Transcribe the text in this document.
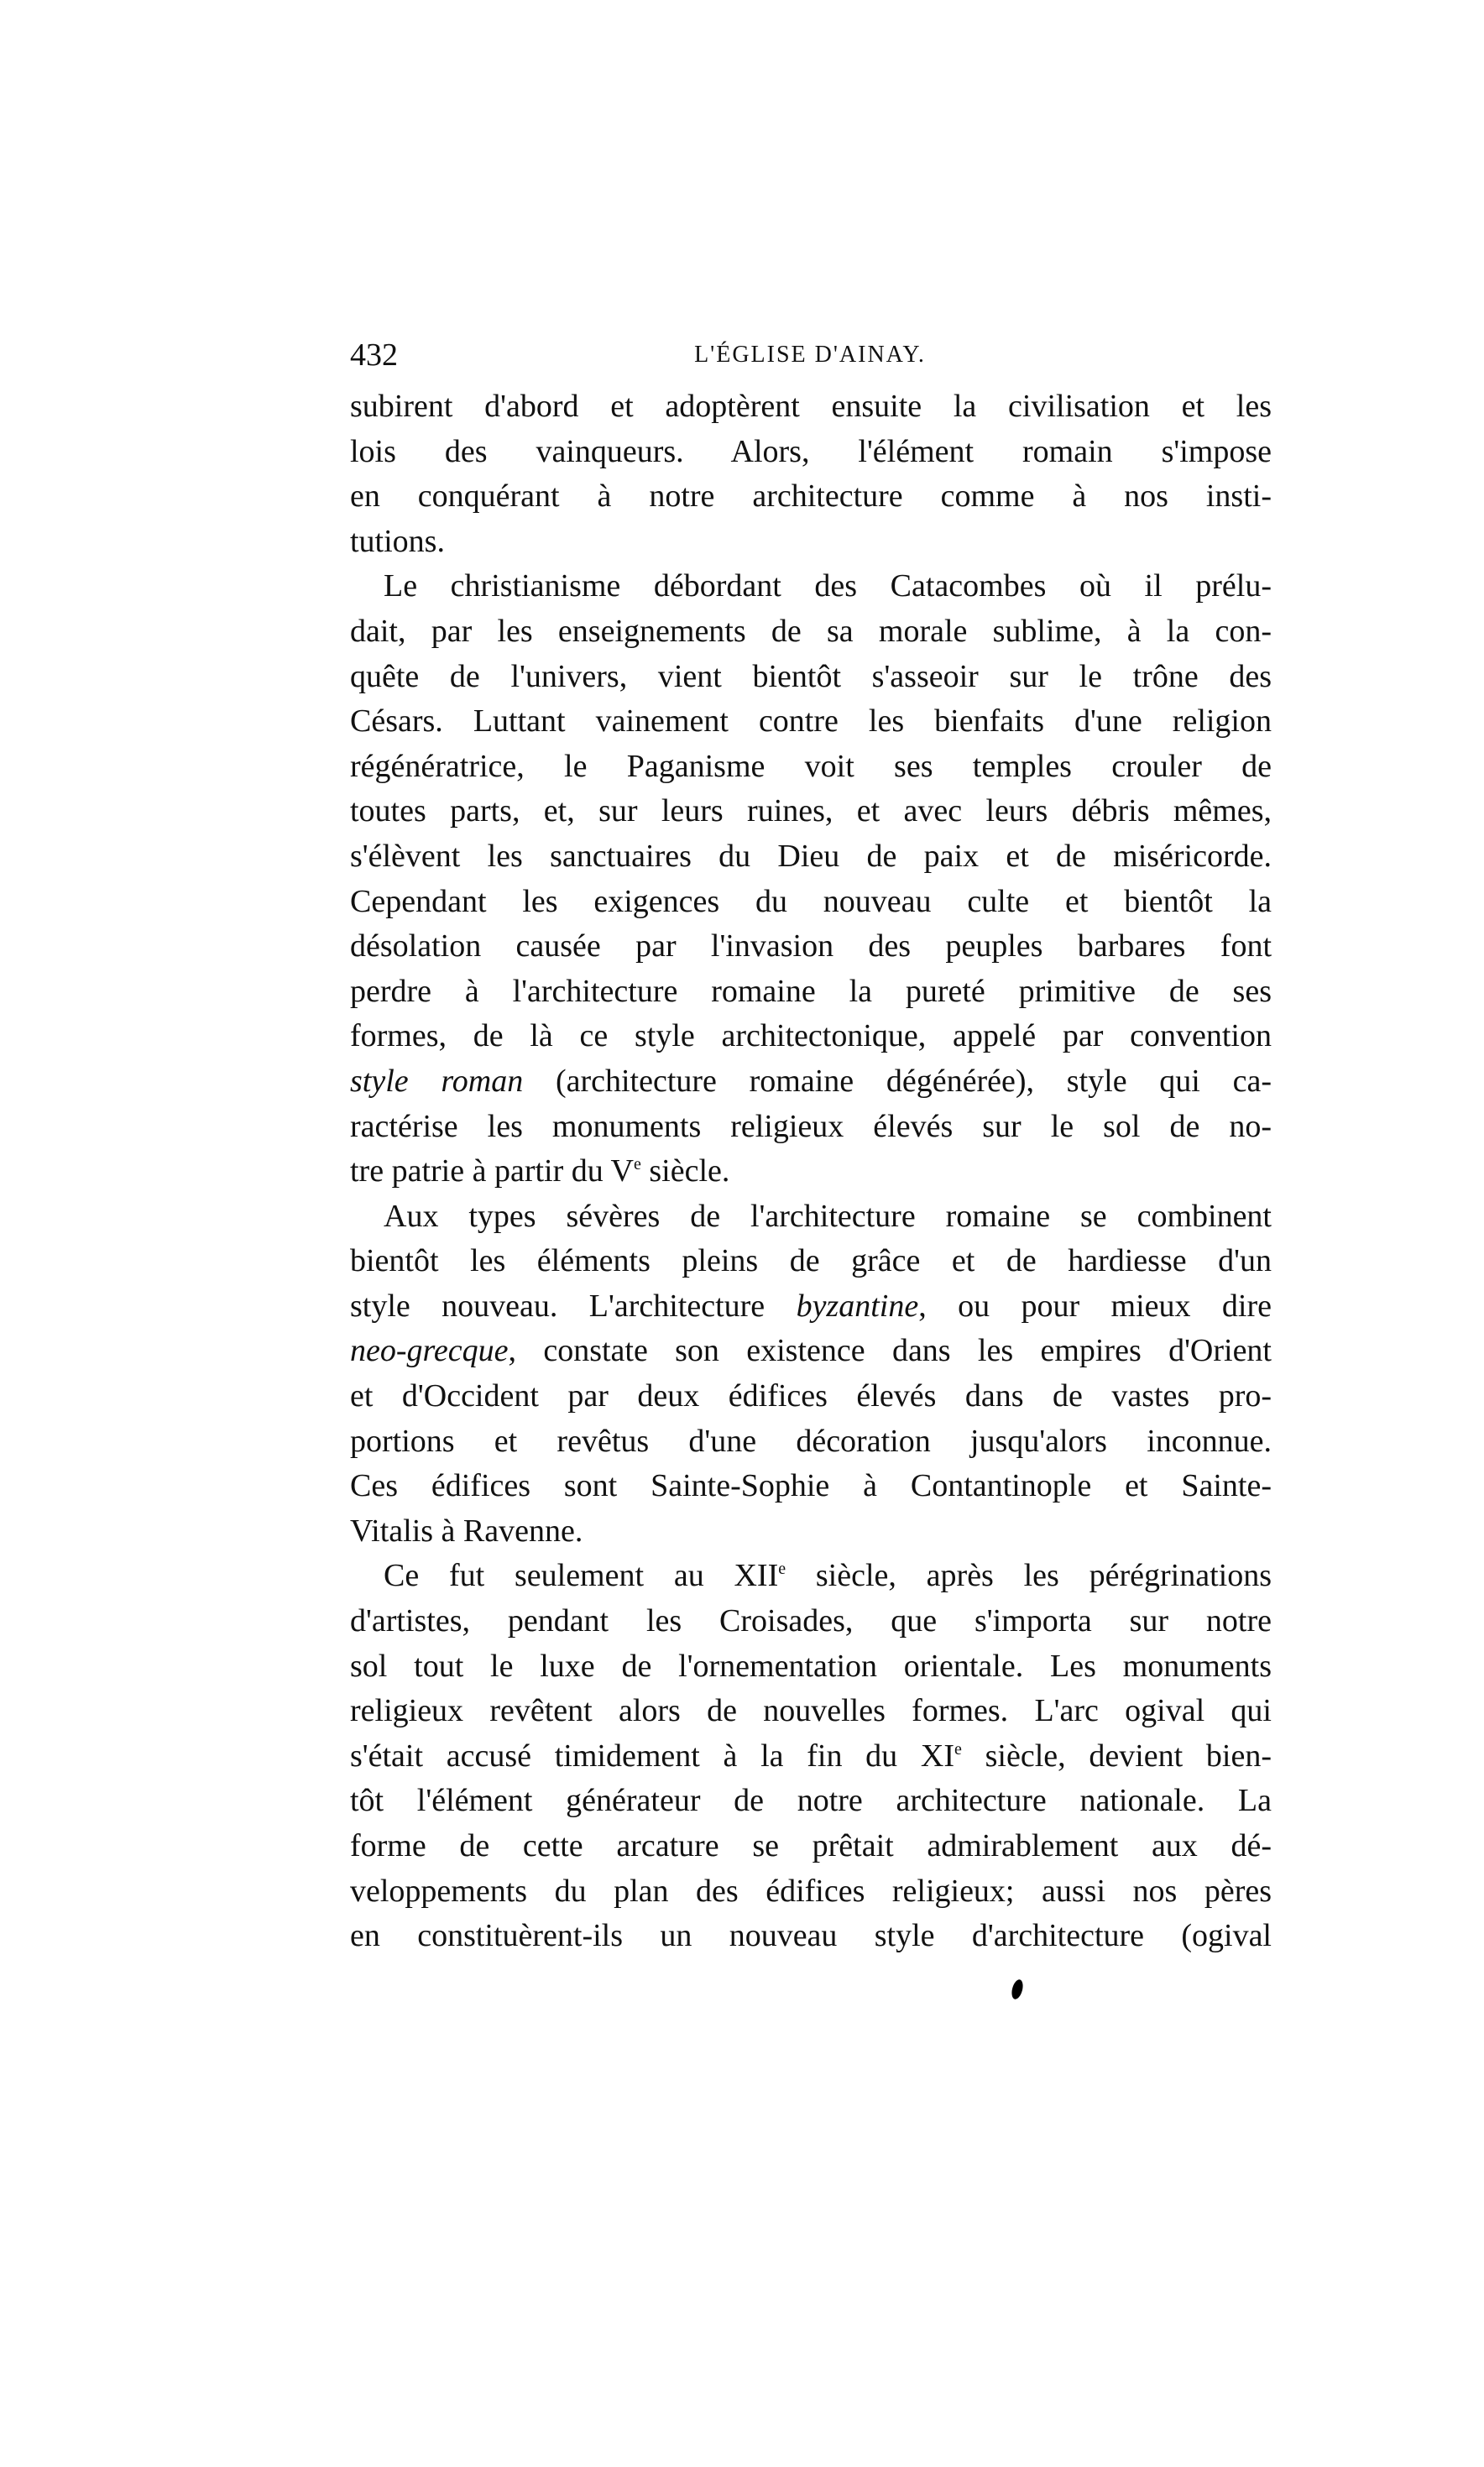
432	L'ÉGLISE D'AINAY.
subirent d'abord et adoptèrent ensuite la civilisation et les
lois des vainqueurs. Alors, l'élément romain s'impose
en conquérant à notre architecture comme à nos insti-
tutions.
Le christianisme débordant des Catacombes où il prélu-
dait, par les enseignements de sa morale sublime, à la con-
quête de l'univers, vient bientôt s'asseoir sur le trône des
Césars. Luttant vainement contre les bienfaits d'une religion
régénératrice, le Paganisme voit ses temples crouler de
toutes parts, et, sur leurs ruines, et avec leurs débris mêmes,
s'élèvent les sanctuaires du Dieu de paix et de miséricorde.
Cependant les exigences du nouveau culte et bientôt la
désolation causée par l'invasion des peuples barbares font
perdre à l'architecture romaine la pureté primitive de ses
formes, de là ce style architectonique, appelé par convention
style roman (architecture romaine dégénérée), style qui ca-
ractérise les monuments religieux élevés sur le sol de no-
tre patrie à partir du Ve siècle.
Aux types sévères de l'architecture romaine se combinent
bientôt les éléments pleins de grâce et de hardiesse d'un
style nouveau. L'architecture byzantine, ou pour mieux dire
neo-grecque, constate son existence dans les empires d'Orient
et d'Occident par deux édifices élevés dans de vastes pro-
portions et revêtus d'une décoration jusqu'alors inconnue.
Ces édifices sont Sainte-Sophie à Contantinople et Sainte-
Vitalis à Ravenne.
Ce fut seulement au XIIe siècle, après les pérégrinations
d'artistes, pendant les Croisades, que s'importa sur notre
sol tout le luxe de l'ornementation orientale. Les monuments
religieux revêtent alors de nouvelles formes. L'arc ogival qui
s'était accusé timidement à la fin du XIe siècle, devient bien-
tôt l'élément générateur de notre architecture nationale. La
forme de cette arcature se prêtait admirablement aux dé-
veloppements du plan des édifices religieux; aussi nos pères
en constituèrent-ils un nouveau style d'architecture (ogival
